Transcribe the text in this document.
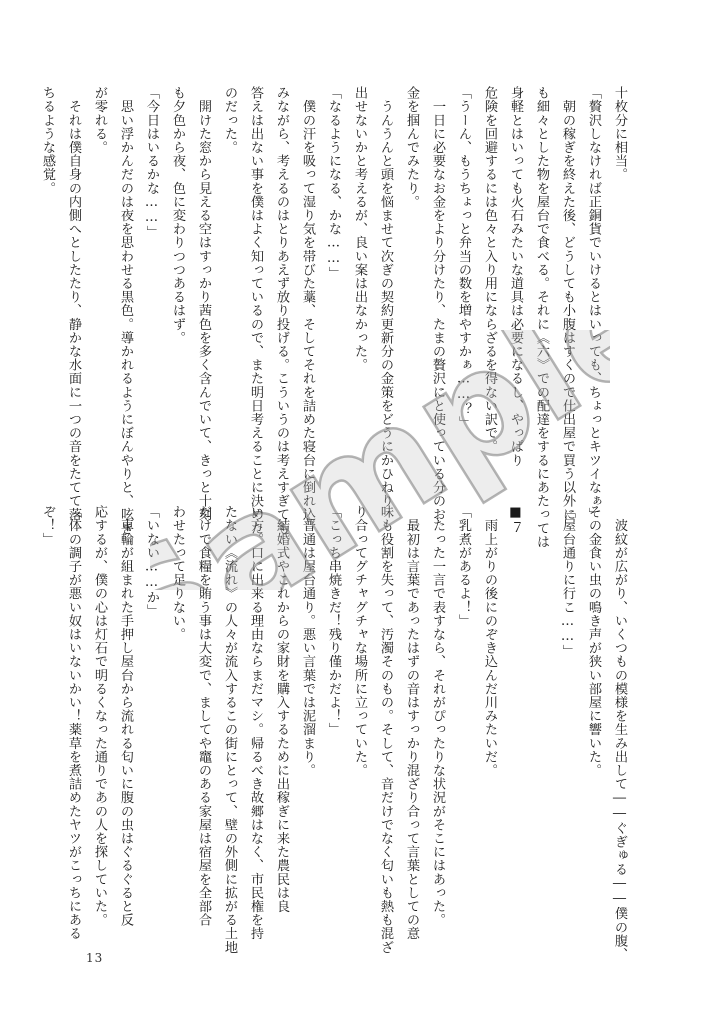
十枚分に相当。
「贅沢しなければ正銅貨でいけるとはいっても、ちょっとキツイなぁ」
　朝の稼ぎを終えた後、どうしても小腹はすくので仕出屋で買う以外に
も細々とした物を屋台で食べる。それに《六》での配達をするにあたっては
身軽とはいっても火石みたいな道具は必要になるし、やっぱり
危険を回避するには色々と入り用にならざるを得ない訳で。
「うーん、もうちょっと弁当の数を増やすかぁ……？」
　一日に必要なお金をより分けたり、たまの贅沢にと使っている分のお
金を掴んでみたり。
　うんうんと頭を悩ませて次ぎの契約更新分の金策をどうにかひねり
出せないかと考えるが、良い案は出なかった。
「なるようになる、かな……」
　僕の汗を吸って湿り気を帯びた藁、そしてそれを詰めた寝台に倒れ込
みながら、考えるのはとりあえず放り投げる。こういうのは考えすぎても
答えは出ない事を僕はよく知っているので、また明日考えることに決めた
のだった。
　開けた窓から見える空はすっかり茜色を多く含んでいて、きっと十刻
も夕色から夜、色に変わりつつあるはず。
「今日はいるかな……」
　思い浮かんだのは夜を思わせる黒色。導かれるようにぼんやりと、呟き
が零れる。
　それは僕自身の内側へとしたたり、静かな水面に一つの音をたてて落
ちるような感覚。
　波紋が広がり、いくつもの模様を生み出して――ぐぎゅる――僕の腹、
その金食い虫の鳴き声が狭い部屋に響いた。
「屋台通りに行こ……」

■７
　雨上がりの後にのぞき込んだ川みたいだ。
「乳煮があるよ！」
　たった一言で表すなら、それがぴったりな状況がそこにはあった。
　最初は言葉であったはずの音はすっかり混ざり合って言葉としての意
味も役割を失って、汚濁そのもの。そして、音だけでなく匂いも熱も混ざ
り合ってグチャグチャな場所に立っていた。
「こっち串焼きだ！残り僅かだよ！」
　普通は屋台通り。悪い言葉では泥溜まり。
　結婚式やこれからの家財を購入するために出稼ぎに来た農民は良
い方。口に出来る理由ならまだマシ。帰るべき故郷はなく、市民権を持
たない《流れ》の人々が流入するこの街にとって、壁の外側に拡がる土地
だけで食糧を賄う事は大変で、ましてや竈のある家屋は宿屋を全部合
わせたって足りない。
「いない……か」
　車輪が組まれた手押し屋台から流れる匂いに腹の虫はぐるぐると反
応するが、僕の心は灯石で明るくなった通りであの人を探していた。
「体の調子が悪い奴はいないかい！薬草を煮詰めたヤツがこっちにある
ぞ！」 Sample
13
